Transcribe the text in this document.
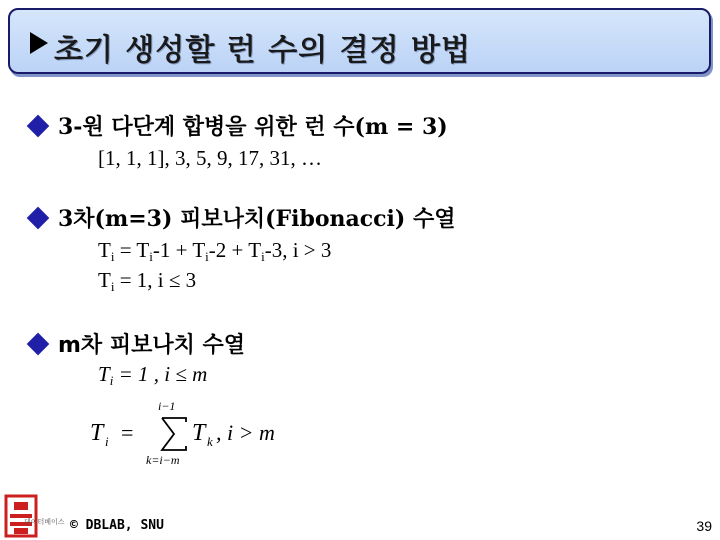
초기 생성할 런 수의 결정 방법
3-원 다단계 합병을 위한 런 수(m = 3)
[1, 1, 1], 3, 5, 9, 17, 31, …
3차(m=3) 피보나치(Fibonacci) 수열
$T_i = T_i-1 + T_i-2 + T_i-3$, i > 3
$T_i = 1$, i ≤ 3
m차 피보나치 수열
$T_i = 1$ , i ≤ m
T i =
i−1
k=i−m
T k , i > m
데이터베이스 © DBLAB, SNU	39
